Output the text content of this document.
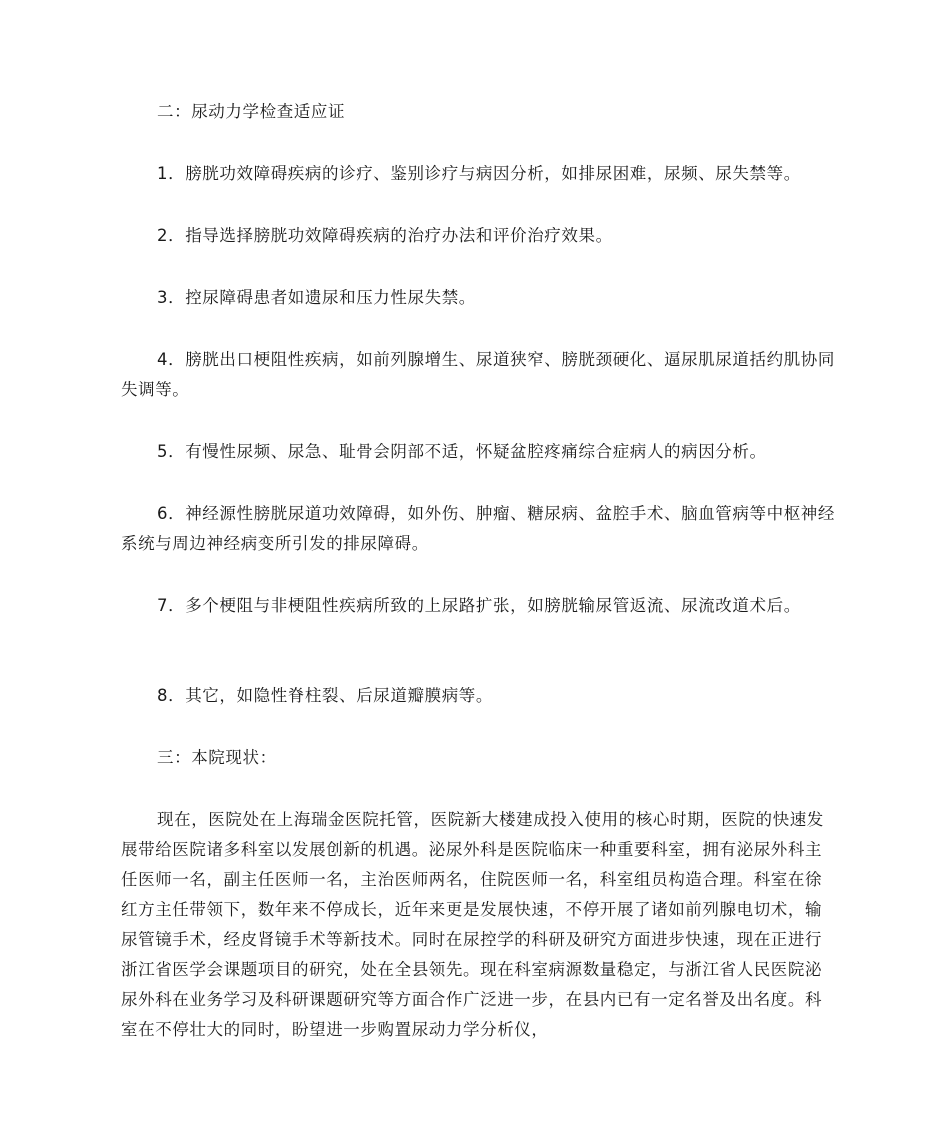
二：尿动力学检查适应证

1．膀胱功效障碍疾病的诊疗、鉴别诊疗与病因分析，如排尿困难，尿频、尿失禁等。

2．指导选择膀胱功效障碍疾病的治疗办法和评价治疗效果。

3．控尿障碍患者如遗尿和压力性尿失禁。

4．膀胱出口梗阻性疾病，如前列腺增生、尿道狭窄、膀胱颈硬化、逼尿肌尿道括约肌协同失调等。

5．有慢性尿频、尿急、耻骨会阴部不适，怀疑盆腔疼痛综合症病人的病因分析。

6．神经源性膀胱尿道功效障碍，如外伤、肿瘤、糖尿病、盆腔手术、脑血管病等中枢神经系统与周边神经病变所引发的排尿障碍。

7．多个梗阻与非梗阻性疾病所致的上尿路扩张，如膀胱输尿管返流、尿流改道术后。

8．其它，如隐性脊柱裂、后尿道瓣膜病等。

三：本院现状：

现在，医院处在上海瑞金医院托管，医院新大楼建成投入使用的核心时期，医院的快速发展带给医院诸多科室以发展创新的机遇。泌尿外科是医院临床一种重要科室，拥有泌尿外科主任医师一名，副主任医师一名，主治医师两名，住院医师一名，科室组员构造合理。科室在徐红方主任带领下，数年来不停成长，近年来更是发展快速，不停开展了诸如前列腺电切术，输尿管镜手术，经皮肾镜手术等新技术。同时在尿控学的科研及研究方面进步快速，现在正进行浙江省医学会课题项目的研究，处在全县领先。现在科室病源数量稳定，与浙江省人民医院泌尿外科在业务学习及科研课题研究等方面合作广泛进一步，在县内已有一定名誉及出名度。科室在不停壮大的同时，盼望进一步购置尿动力学分析仪，
